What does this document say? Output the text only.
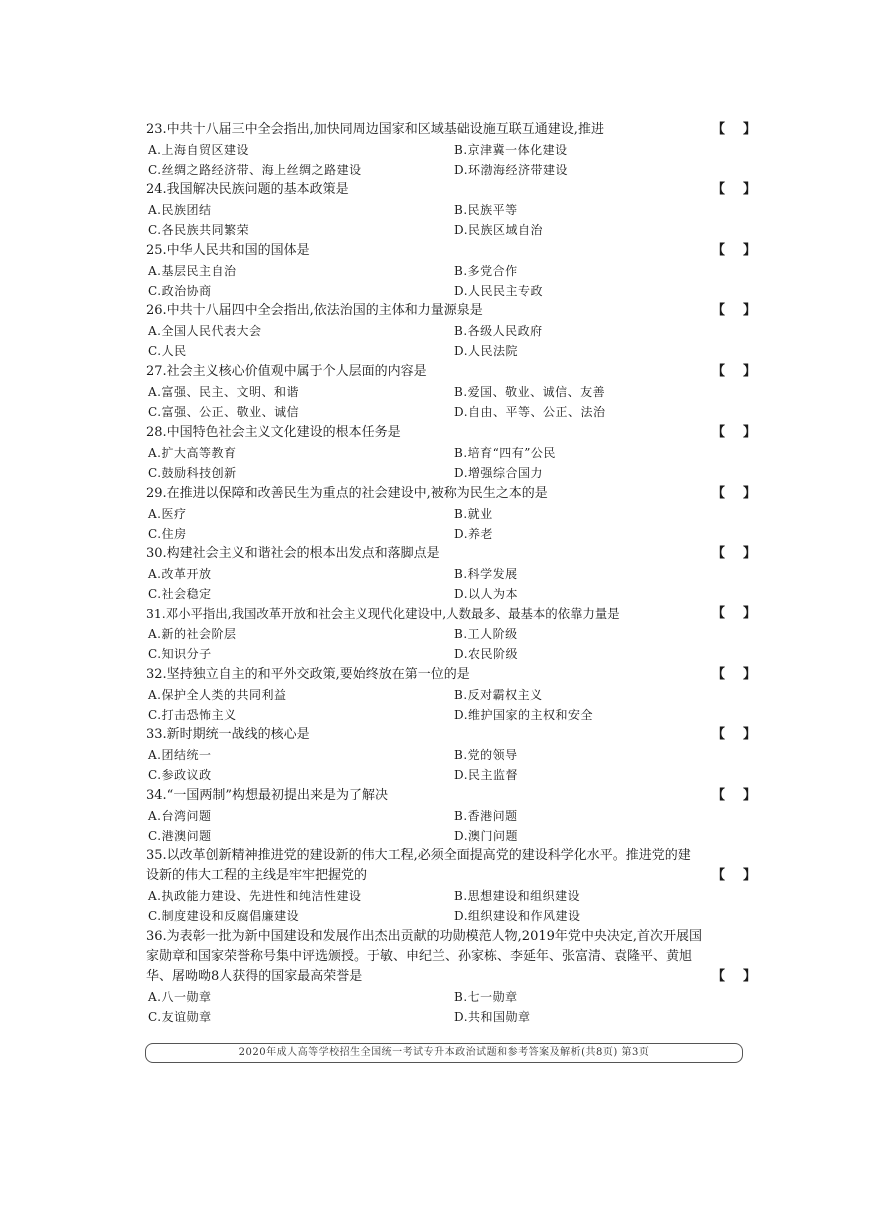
23.中共十八届三中全会指出,加快同周边国家和区域基础设施互联互通建设,推进	【 】
A.上海自贸区建设	B.京津冀一体化建设
C.丝绸之路经济带、海上丝绸之路建设	D.环渤海经济带建设
24.我国解决民族问题的基本政策是	【 】
A.民族团结	B.民族平等
C.各民族共同繁荣	D.民族区域自治
25.中华人民共和国的国体是	【 】
A.基层民主自治	B.多党合作
C.政治协商	D.人民民主专政
26.中共十八届四中全会指出,依法治国的主体和力量源泉是	【 】
A.全国人民代表大会	B.各级人民政府
C.人民	D.人民法院
27.社会主义核心价值观中属于个人层面的内容是	【 】
A.富强、民主、文明、和谐	B.爱国、敬业、诚信、友善
C.富强、公正、敬业、诚信	D.自由、平等、公正、法治
28.中国特色社会主义文化建设的根本任务是	【 】
A.扩大高等教育	B.培育“四有”公民
C.鼓励科技创新	D.增强综合国力
29.在推进以保障和改善民生为重点的社会建设中,被称为民生之本的是	【 】
A.医疗	B.就业
C.住房	D.养老
30.构建社会主义和谐社会的根本出发点和落脚点是	【 】
A.改革开放	B.科学发展
C.社会稳定	D.以人为本
31.邓小平指出,我国改革开放和社会主义现代化建设中,人数最多、最基本的依靠力量是	【 】
A.新的社会阶层	B.工人阶级
C.知识分子	D.农民阶级
32.坚持独立自主的和平外交政策,要始终放在第一位的是	【 】
A.保护全人类的共同利益	B.反对霸权主义
C.打击恐怖主义	D.维护国家的主权和安全
33.新时期统一战线的核心是	【 】
A.团结统一	B.党的领导
C.参政议政	D.民主监督
34.“一国两制”构想最初提出来是为了解决	【 】
A.台湾问题	B.香港问题
C.港澳问题	D.澳门问题
35.以改革创新精神推进党的建设新的伟大工程,必须全面提高党的建设科学化水平。推进党的建设新的伟大工程的主线是牢牢把握党的	【 】
A.执政能力建设、先进性和纯洁性建设	B.思想建设和组织建设
C.制度建设和反腐倡廉建设	D.组织建设和作风建设
36.为表彰一批为新中国建设和发展作出杰出贡献的功勋模范人物,2019年党中央决定,首次开展国家勋章和国家荣誉称号集中评选颁授。于敏、申纪兰、孙家栋、李延年、张富清、袁隆平、黄旭华、屠呦呦8人获得的国家最高荣誉是	【 】
A.八一勋章	B.七一勋章
C.友谊勋章	D.共和国勋章
2020年成人高等学校招生全国统一考试专升本政治试题和参考答案及解析(共8页) 第3页
